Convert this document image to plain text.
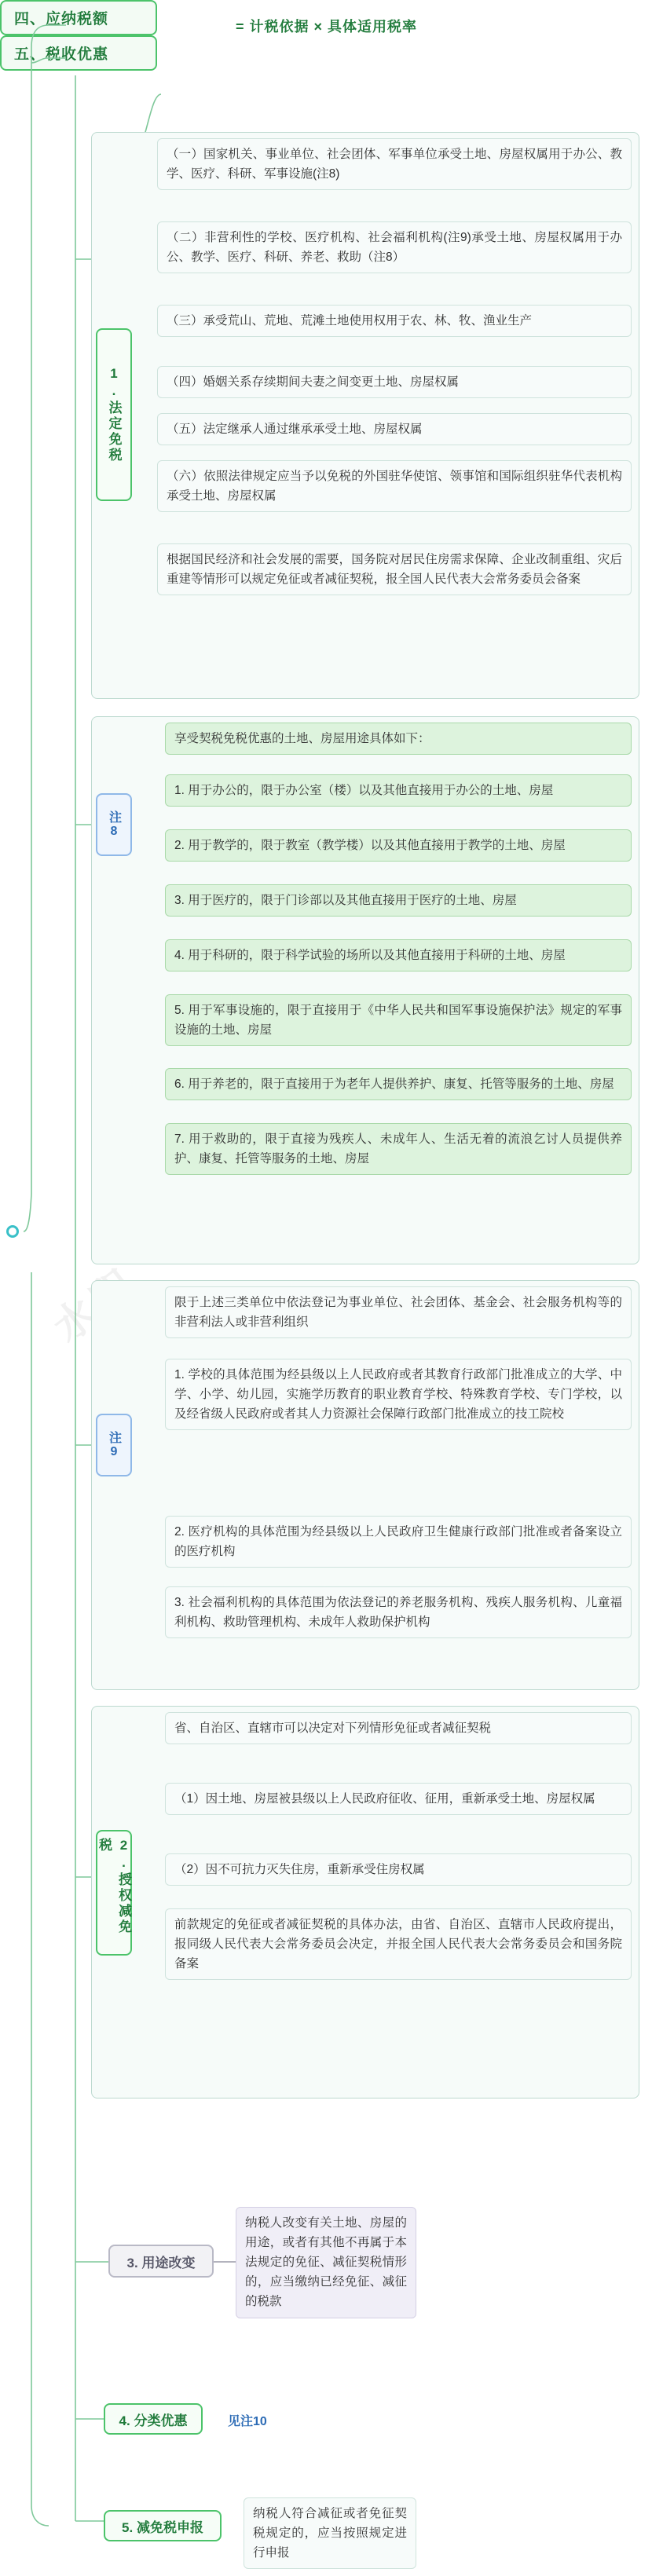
四、应纳税额	= 计税依据 × 具体适用税率
五、税收优惠
1.法定免税
（一）国家机关、事业单位、社会团体、军事单位承受土地、房屋权属用于办公、教学、医疗、科研、军事设施(注8)
（二）非营利性的学校、医疗机构、社会福利机构(注9)承受土地、房屋权属用于办公、教学、医疗、科研、养老、救助（注8）
（三）承受荒山、荒地、荒滩土地使用权用于农、林、牧、渔业生产
（四）婚姻关系存续期间夫妻之间变更土地、房屋权属
（五）法定继承人通过继承承受土地、房屋权属
（六）依照法律规定应当予以免税的外国驻华使馆、领事馆和国际组织驻华代表机构承受土地、房屋权属
根据国民经济和社会发展的需要，国务院对居民住房需求保障、企业改制重组、灾后重建等情形可以规定免征或者减征契税，报全国人民代表大会常务委员会备案
注8
享受契税免税优惠的土地、房屋用途具体如下：
1. 用于办公的，限于办公室（楼）以及其他直接用于办公的土地、房屋
2. 用于教学的，限于教室（教学楼）以及其他直接用于教学的土地、房屋
3. 用于医疗的，限于门诊部以及其他直接用于医疗的土地、房屋
4. 用于科研的，限于科学试验的场所以及其他直接用于科研的土地、房屋
5. 用于军事设施的，限于直接用于《中华人民共和国军事设施保护法》规定的军事设施的土地、房屋
6. 用于养老的，限于直接用于为老年人提供养护、康复、托管等服务的土地、房屋
7. 用于救助的，限于直接为残疾人、未成年人、生活无着的流浪乞讨人员提供养护、康复、托管等服务的土地、房屋
注9
限于上述三类单位中依法登记为事业单位、社会团体、基金会、社会服务机构等的非营利法人或非营利组织
1. 学校的具体范围为经县级以上人民政府或者其教育行政部门批准成立的大学、中学、小学、幼儿园，实施学历教育的职业教育学校、特殊教育学校、专门学校，以及经省级人民政府或者其人力资源社会保障行政部门批准成立的技工院校
2. 医疗机构的具体范围为经县级以上人民政府卫生健康行政部门批准或者备案设立的医疗机构
3. 社会福利机构的具体范围为依法登记的养老服务机构、残疾人服务机构、儿童福利机构、救助管理机构、未成年人救助保护机构
2.授权减免税
省、自治区、直辖市可以决定对下列情形免征或者减征契税
（1）因土地、房屋被县级以上人民政府征收、征用，重新承受土地、房屋权属
（2）因不可抗力灭失住房，重新承受住房权属
前款规定的免征或者减征契税的具体办法，由省、自治区、直辖市人民政府提出，报同级人民代表大会常务委员会决定，并报全国人民代表大会常务委员会和国务院备案
3. 用途改变
纳税人改变有关土地、房屋的用途，或者有其他不再属于本法规定的免征、减征契税情形的，应当缴纳已经免征、减征的税款
4. 分类优惠	见注10
5. 减免税申报
纳税人符合减征或者免征契税规定的，应当按照规定进行申报
